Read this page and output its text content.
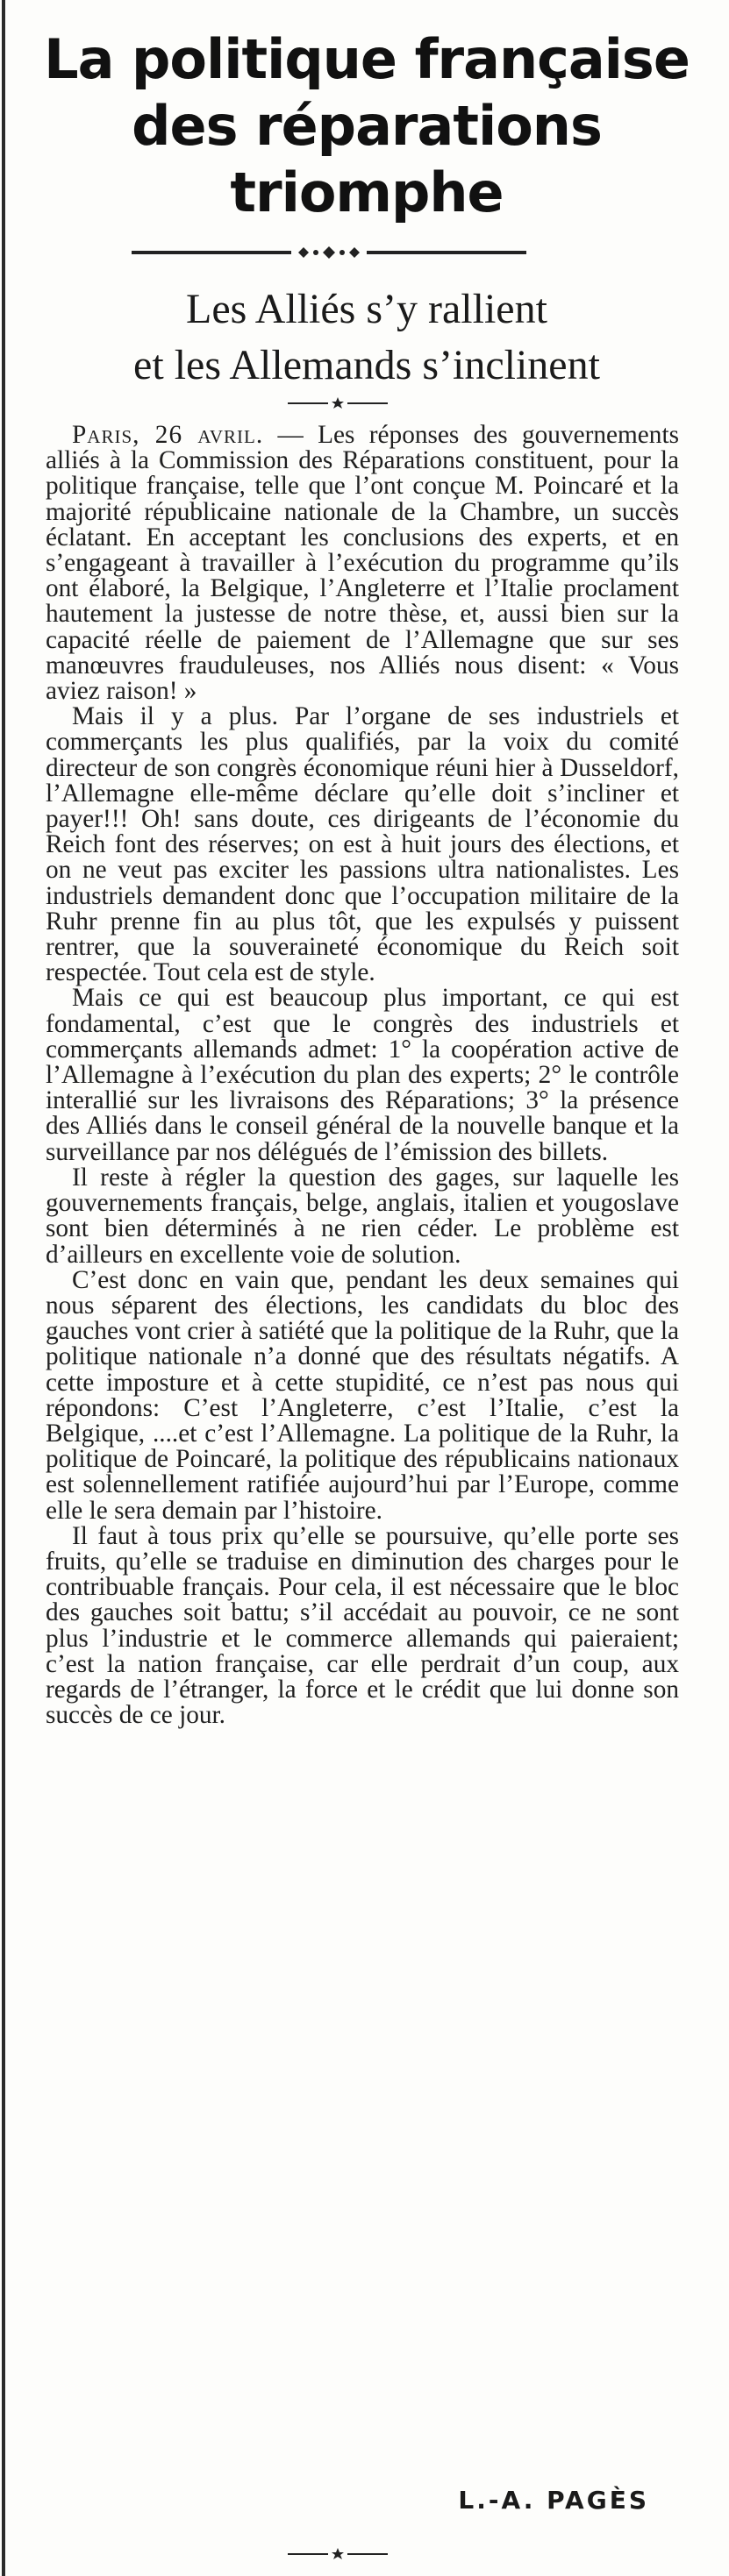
La politique française
des réparations
triomphe
Les Alliés s’y rallient
et les Allemands s’inclinent

Paris, 26 avril. — Les réponses des gouvernements alliés à la Commission des Réparations constituent, pour la politique française, telle que l’ont conçue M. Poincaré et la majorité républicaine nationale de la Chambre, un succès éclatant. En acceptant les conclusions des experts, et en s’engageant à travailler à l’exécution du programme qu’ils ont élaboré, la Belgique, l’Angleterre et l’Italie proclament hautement la justesse de notre thèse, et, aussi bien sur la capacité réelle de paiement de l’Allemagne que sur ses manœuvres frauduleuses, nos Alliés nous disent: « Vous aviez raison! »

Mais il y a plus. Par l’organe de ses industriels et commerçants les plus qualifiés, par la voix du comité directeur de son congrès économique réuni hier à Dusseldorf, l’Allemagne elle-même déclare qu’elle doit s’incliner et payer!!! Oh! sans doute, ces dirigeants de l’économie du Reich font des réserves; on est à huit jours des élections, et on ne veut pas exciter les passions ultra nationalistes. Les industriels demandent donc que l’occupation militaire de la Ruhr prenne fin au plus tôt, que les expulsés y puissent rentrer, que la souveraineté économique du Reich soit respectée. Tout cela est de style.

Mais ce qui est beaucoup plus important, ce qui est fondamental, c’est que le congrès des industriels et commerçants allemands admet: 1° la coopération active de l’Allemagne à l’exécution du plan des experts; 2° le contrôle interallié sur les livraisons des Réparations; 3° la présence des Alliés dans le conseil général de la nouvelle banque et la surveillance par nos délégués de l’émission des billets.

Il reste à régler la question des gages, sur laquelle les gouvernements français, belge, anglais, italien et yougoslave sont bien déterminés à ne rien céder. Le problème est d’ailleurs en excellente voie de solution.

C’est donc en vain que, pendant les deux semaines qui nous séparent des élections, les candidats du bloc des gauches vont crier à satiété que la politique de la Ruhr, que la politique nationale n’a donné que des résultats négatifs. A cette imposture et à cette stupidité, ce n’est pas nous qui répondons: C’est l’Angleterre, c’est l’Italie, c’est la Belgique, ....et c’est l’Allemagne. La politique de la Ruhr, la politique de Poincaré, la politique des républicains nationaux est solennellement ratifiée aujourd’hui par l’Europe, comme elle le sera demain par l’histoire.

Il faut à tous prix qu’elle se poursuive, qu’elle porte ses fruits, qu’elle se traduise en diminution des charges pour le contribuable français. Pour cela, il est nécessaire que le bloc des gauches soit battu; s’il accédait au pouvoir, ce ne sont plus l’industrie et le commerce allemands qui paieraient; c’est la nation française, car elle perdrait d’un coup, aux regards de l’étranger, la force et le crédit que lui donne son succès de ce jour.

L.-A. PAGÈS
